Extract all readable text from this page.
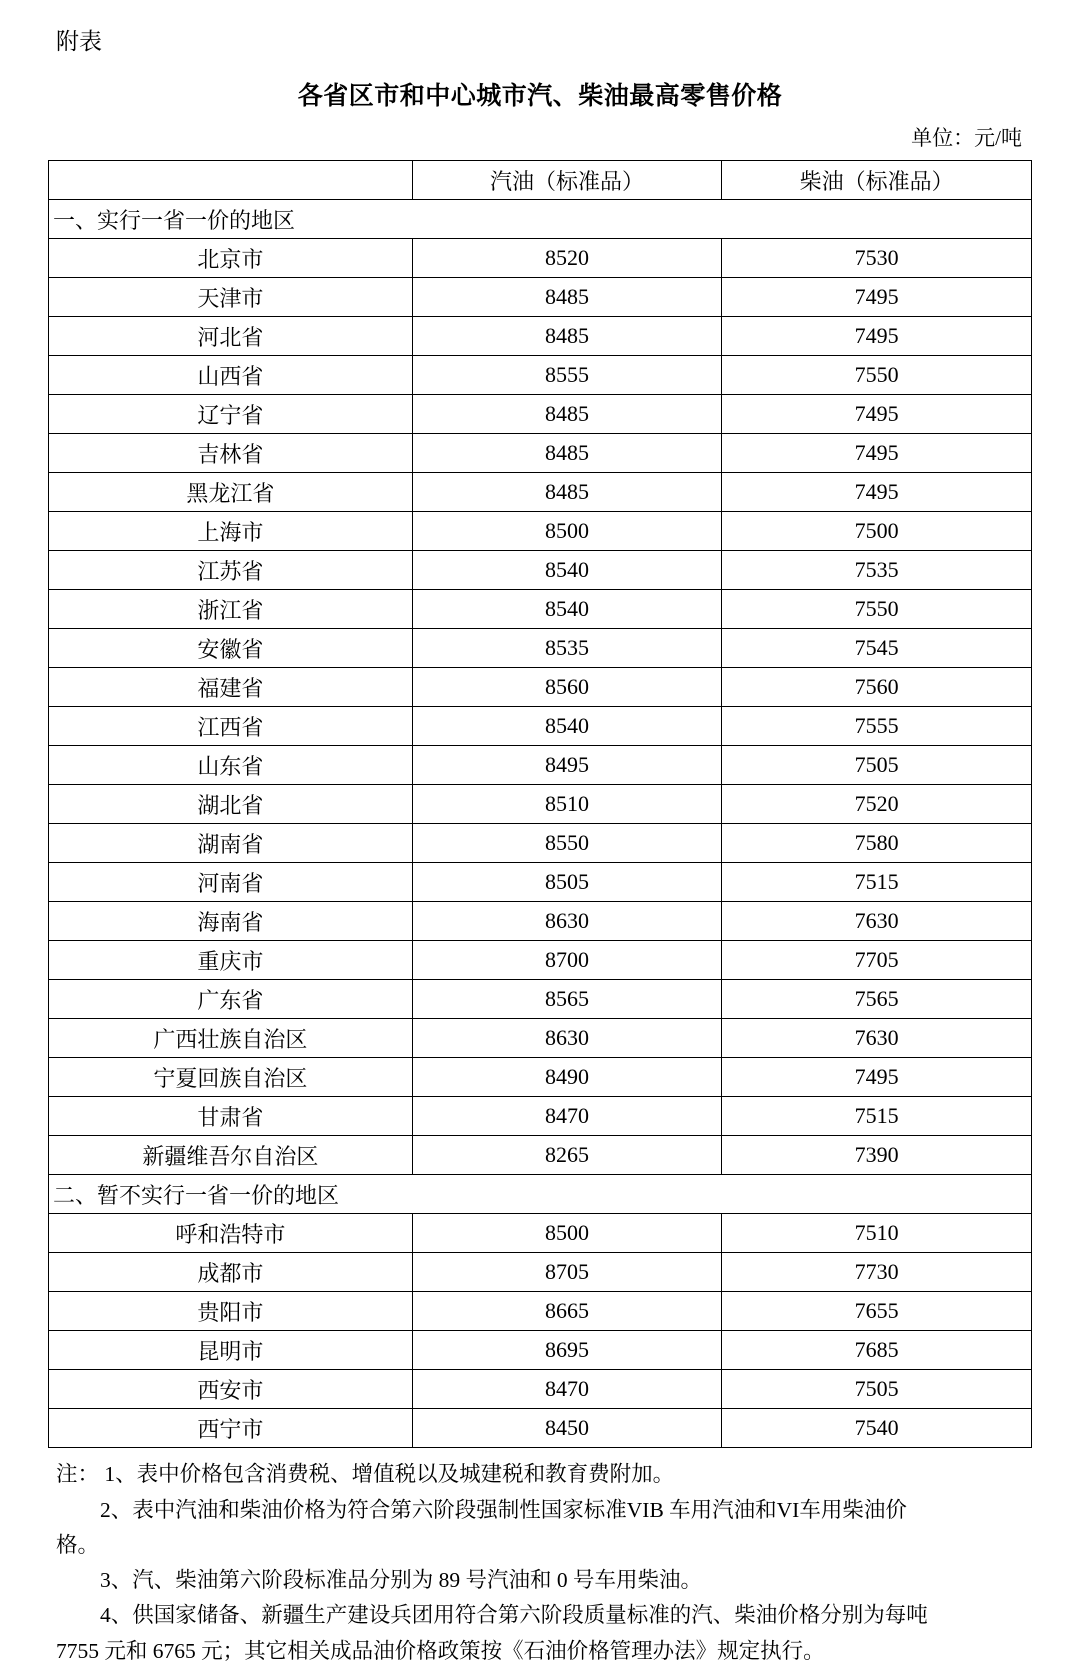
附表
各省区市和中心城市汽、柴油最高零售价格
单位：元/吨
	汽油（标准品）	柴油（标准品）
一、实行一省一价的地区		
北京市	8520	7530
天津市	8485	7495
河北省	8485	7495
山西省	8555	7550
辽宁省	8485	7495
吉林省	8485	7495
黑龙江省	8485	7495
上海市	8500	7500
江苏省	8540	7535
浙江省	8540	7550
安徽省	8535	7545
福建省	8560	7560
江西省	8540	7555
山东省	8495	7505
湖北省	8510	7520
湖南省	8550	7580
河南省	8505	7515
海南省	8630	7630
重庆市	8700	7705
广东省	8565	7565
广西壮族自治区	8630	7630
宁夏回族自治区	8490	7495
甘肃省	8470	7515
新疆维吾尔自治区	8265	7390
二、暂不实行一省一价的地区		
呼和浩特市	8500	7510
成都市	8705	7730
贵阳市	8665	7655
昆明市	8695	7685
西安市	8470	7505
西宁市	8450	7540

注： 1、表中价格包含消费税、增值税以及城建税和教育费附加。

2、表中汽油和柴油价格为符合第六阶段强制性国家标准VIB 车用汽油和VI车用柴油价

格。

3、汽、柴油第六阶段标准品分别为 89 号汽油和 0 号车用柴油。

4、供国家储备、新疆生产建设兵团用符合第六阶段质量标准的汽、柴油价格分别为每吨

7755 元和 6765 元；其它相关成品油价格政策按《石油价格管理办法》规定执行。
